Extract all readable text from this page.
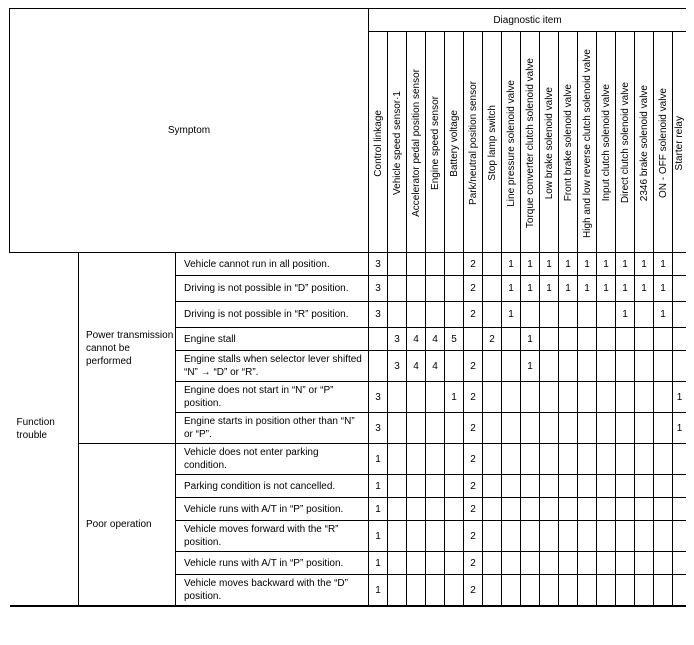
Symptom			Diagnostic item																

			Control linkage	Vehicle speed sensor·1	Accelerator pedal position sensor	Engine speed sensor	Battery voltage	Park/neutral position sensor	Stop lamp switch	Line pressure solenoid valve	Torque converter clutch solenoid valve	Low brake solenoid valve	Front brake solenoid valve	High and low reverse clutch solenoid valve	Input clutch solenoid valve	Direct clutch solenoid valve	2346 brake solenoid valve	ON - OFF solenoid valve	Starter relay

Function trouble	Power transmission cannot be performed	Vehicle cannot run in all position.	3					2		1	1	1	1	1	1	1	1	1	
		Driving is not possible in “D” position.	3					2		1	1	1	1	1	1	1	1	1	
		Driving is not possible in “R” position.	3					2		1						1		1	
		Engine stall		3	4	4	5		2		1								
		Engine stalls when selector lever shifted “N” → “D” or “R”.		3	4	4		2			1								
		Engine does not start in “N” or “P” position.	3				1	2											1
		Engine starts in position other than “N” or “P”.	3					2											1
	Poor operation	Vehicle does not enter parking condition.	1					2											
		Parking condition is not cancelled.	1					2											
		Vehicle runs with A/T in “P” position.	1					2											
		Vehicle moves forward with the “R” position.	1					2											
		Vehicle runs with A/T in “P” position.	1					2											
		Vehicle moves backward with the “D” position.	1					2											
